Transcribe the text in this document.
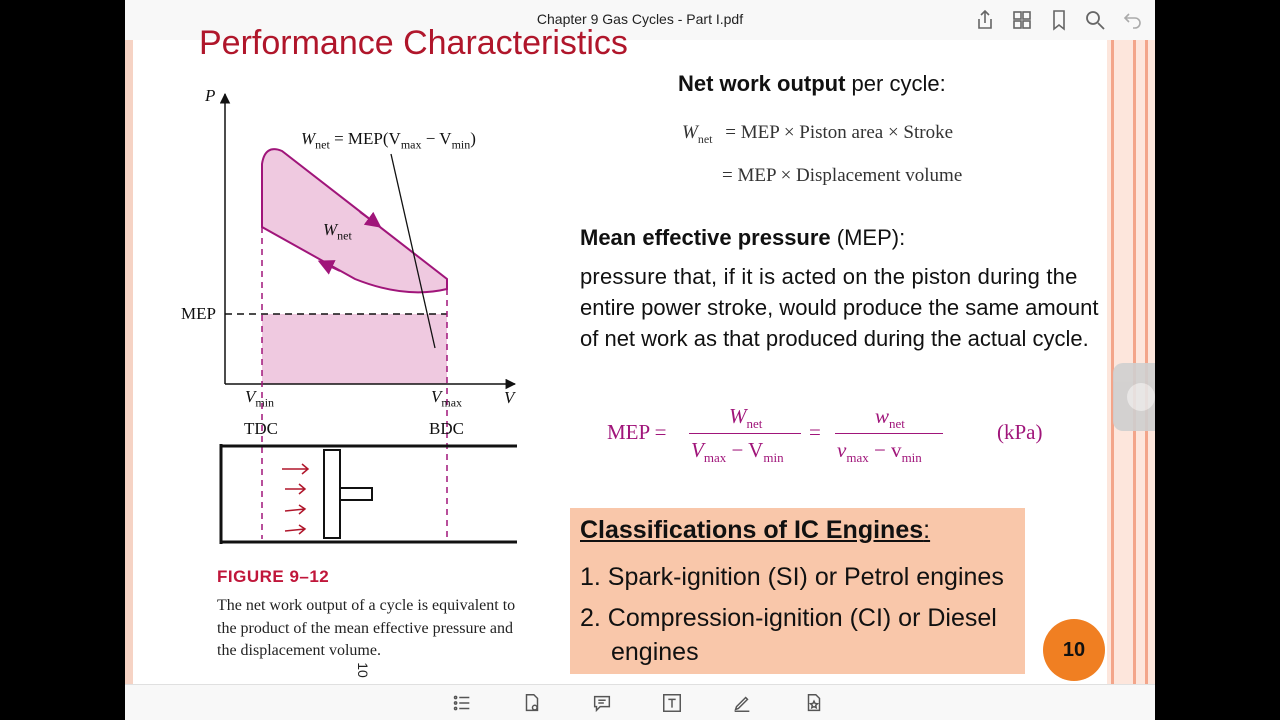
Chapter 9 Gas Cycles - Part I.pdf
Performance Characteristics
P
V
MEP
$W_{net} = MEP(V_{max} - V_{min})$
$W_{net}$
$V_{min}$	$V_{max}$
TDC	BDC
FIGURE 9–12
The net work output of a cycle is equivalent to the product of the mean effective pressure and the displacement volume.
10
Net work output per cycle:
$W_{net}$ = MEP × Piston area × Stroke
= MEP × Displacement volume
Mean effective pressure (MEP):
pressure that, if it is acted on the piston during the
entire power stroke, would produce the same amount
of net work as that produced during the actual cycle.
MEP =
$W_{net}$
$V_{max} - V_{min}$
=
$w_{net}$
$v_{max} - v_{min}$
(kPa)
Classifications of IC Engines:
1. Spark-ignition (SI) or Petrol engines
2. Compression-ignition (CI) or Diesel
engines	10
